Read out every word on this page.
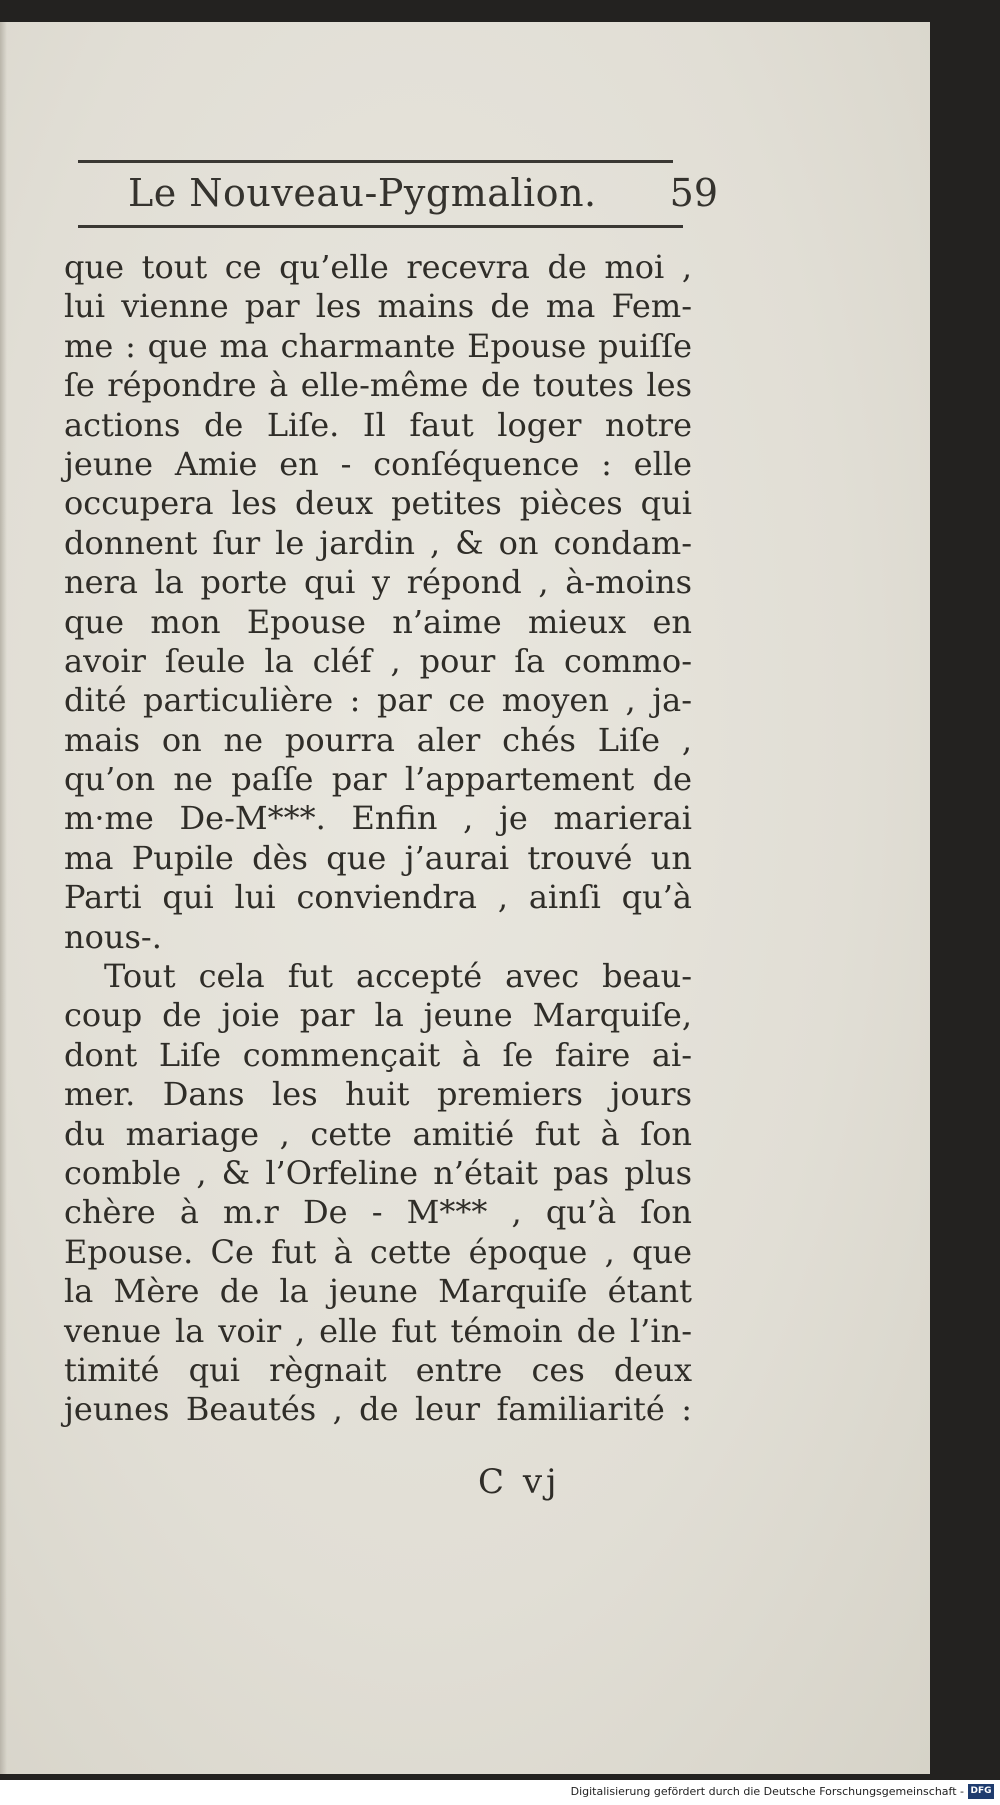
Le Nouveau-Pygmalion. 59
que tout ce qu’elle recevra de moi ,
lui vienne par les mains de ma Fem-
me : que ma charmante Epouse puiſſe
ſe répondre à elle-même de toutes les
actions de Liſe. Il faut loger notre
jeune Amie en - conſéquence : elle
occupera les deux petites pièces qui
donnent ſur le jardin , & on condam-
nera la porte qui y répond , à-moins
que mon Epouse n’aime mieux en
avoir ſeule la cléf , pour ſa commo-
dité particulière : par ce moyen , ja-
mais on ne pourra aler chés Liſe ,
qu’on ne paſſe par l’appartement de
m·me De-M***. Enfin , je marierai
ma Pupile dès que j’aurai trouvé un
Parti qui lui conviendra , ainſi qu’à
nous-.
Tout cela fut accepté avec beau-
coup de joie par la jeune Marquiſe,
dont Liſe commençait à ſe faire ai-
mer. Dans les huit premiers jours
du mariage , cette amitié fut à ſon
comble , & l’Orfeline n’était pas plus
chère à m.r De - M*** , qu’à ſon
Epouse. Ce fut à cette époque , que
la Mère de la jeune Marquiſe étant
venue la voir , elle fut témoin de l’in-
timité qui règnait entre ces deux
jeunes Beautés , de leur familiarité :
C vj
Digitalisierung gefördert durch die Deutsche Forschungsgemeinschaft - DFG
